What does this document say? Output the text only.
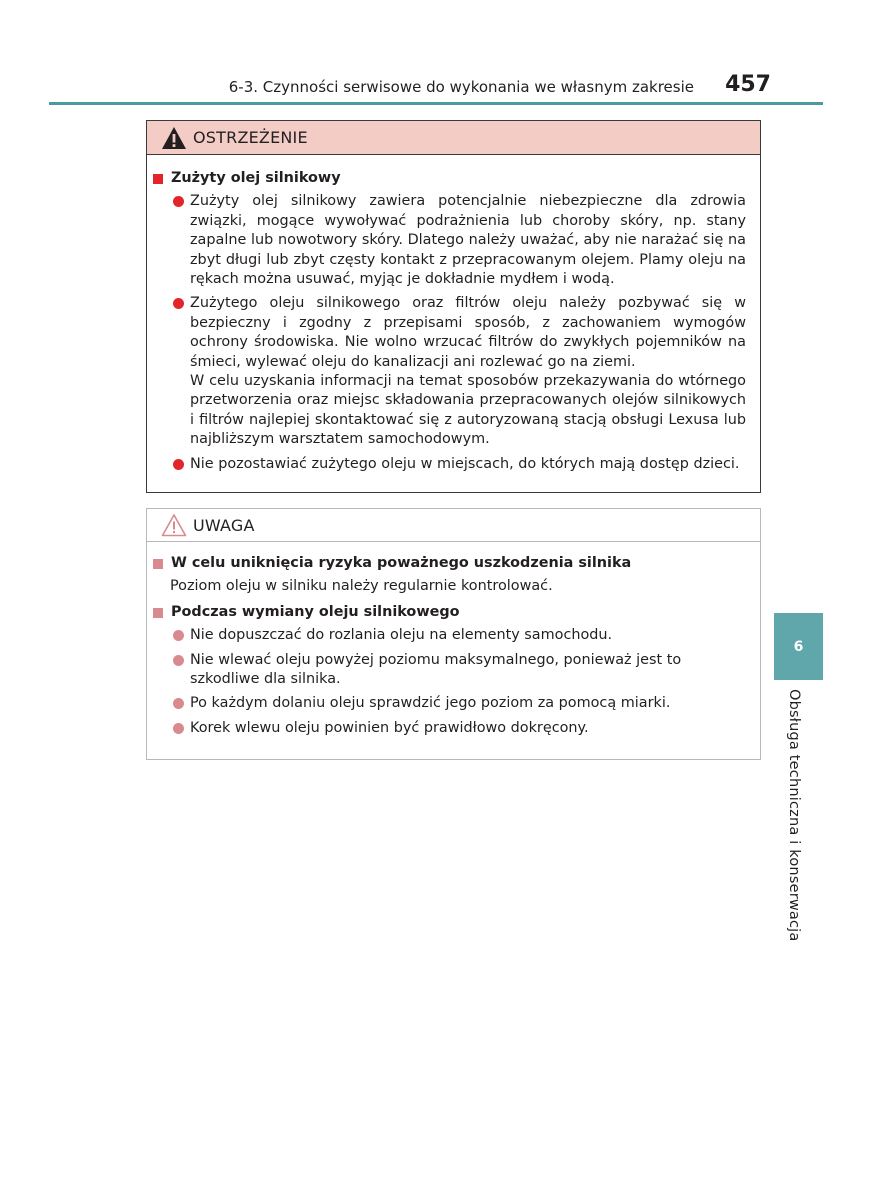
6-3. Czynności serwisowe do wykonania we własnym zakresie 457
OSTRZEŻENIE
Zużyty olej silnikowy
Zużyty olej silnikowy zawiera potencjalnie niebezpieczne dla zdrowia związki, mogące wywoływać podrażnienia lub choroby skóry, np. stany zapalne lub nowotwory skóry. Dlatego należy uważać, aby nie narażać się na zbyt długi lub zbyt częsty kontakt z przepracowanym olejem. Plamy oleju na rękach można usuwać, myjąc je dokładnie mydłem i wodą.
Zużytego oleju silnikowego oraz filtrów oleju należy pozbywać się w bezpieczny i zgodny z przepisami sposób, z zachowaniem wymogów ochrony środowiska. Nie wolno wrzucać filtrów do zwykłych pojemników na śmieci, wylewać oleju do kanalizacji ani rozlewać go na ziemi.
W celu uzyskania informacji na temat sposobów przekazywania do wtórnego przetworzenia oraz miejsc składowania przepracowanych olejów silnikowych i filtrów najlepiej skontaktować się z autoryzowaną stacją obsługi Lexusa lub najbliższym warsztatem samochodowym.
Nie pozostawiać zużytego oleju w miejscach, do których mają dostęp dzieci.
UWAGA
W celu uniknięcia ryzyka poważnego uszkodzenia silnika
Poziom oleju w silniku należy regularnie kontrolować.
Podczas wymiany oleju silnikowego
Nie dopuszczać do rozlania oleju na elementy samochodu.
Nie wlewać oleju powyżej poziomu maksymalnego, ponieważ jest to szkodliwe dla silnika.
Po każdym dolaniu oleju sprawdzić jego poziom za pomocą miarki.
Korek wlewu oleju powinien być prawidłowo dokręcony.
6
Obsługa techniczna i konserwacja
